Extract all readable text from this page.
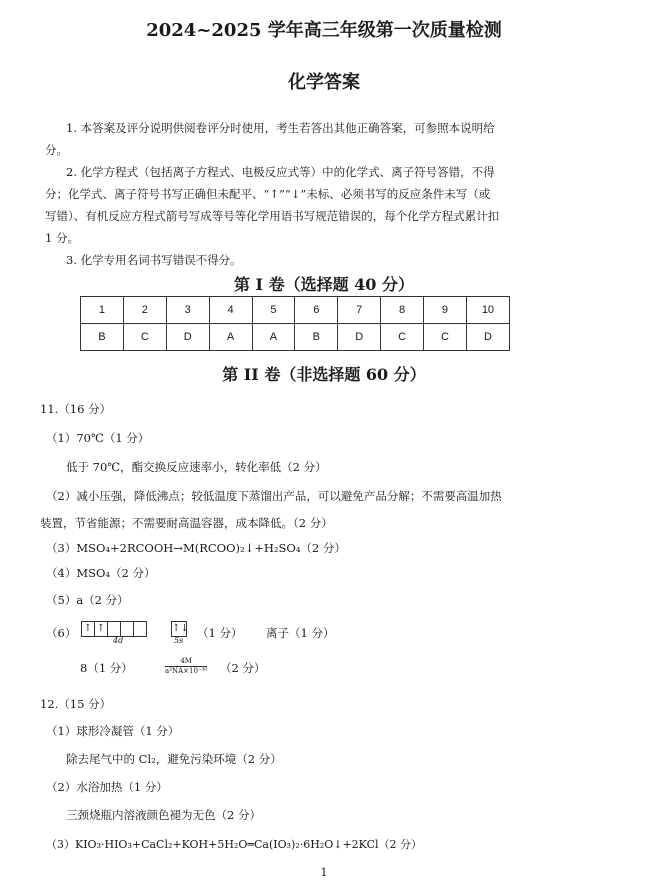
2024~2025 学年高三年级第一次质量检测
化学答案
1. 本答案及评分说明供阅卷评分时使用，考生若答出其他正确答案，可参照本说明给
分。
2. 化学方程式（包括离子方程式、电极反应式等）中的化学式、离子符号答错，不得
分；化学式、离子符号书写正确但未配平、“↑”“↓”未标、必须书写的反应条件未写（或
写错）、有机反应方程式箭号写成等号等化学用语书写规范错误的，每个化学方程式累计扣
1 分。
3. 化学专用名词书写错误不得分。
第 I 卷（选择题 40 分）
1	2	3	4	5	6	7	8	9	10
B	C	D	A	A	B	D	C	C	D
第 II 卷（非选择题 60 分）
11.（16 分）
（1）70℃（1 分）
低于 70℃，酯交换反应速率小，转化率低（2 分）
（2）减小压强，降低沸点；较低温度下蒸馏出产品，可以避免产品分解；不需要高温加热
装置，节省能源；不需要耐高温容器，成本降低。（2 分）
（3）MSO₄+2RCOOH→M(RCOO)₂↓+H₂SO₄（2 分）
（4）MSO₄（2 分）
（5）a（2 分）
（6） ↑ ↑
4d
↑↓
5s
（1 分） 离子（1 分）
8（1 分）	$\frac{4M}{\text{a³NA×10⁻³⁰}} (2$ 分）
12.（15 分）
（1）球形冷凝管（1 分）
除去尾气中的 Cl₂，避免污染环境（2 分）
（2）水浴加热（1 分）
三颈烧瓶内溶液颜色褪为无色（2 分）
（3）KIO₃·HIO₃+CaCl₂+KOH+5H₂O═Ca(IO₃)₂·6H₂O↓+2KCl（2 分）
1
